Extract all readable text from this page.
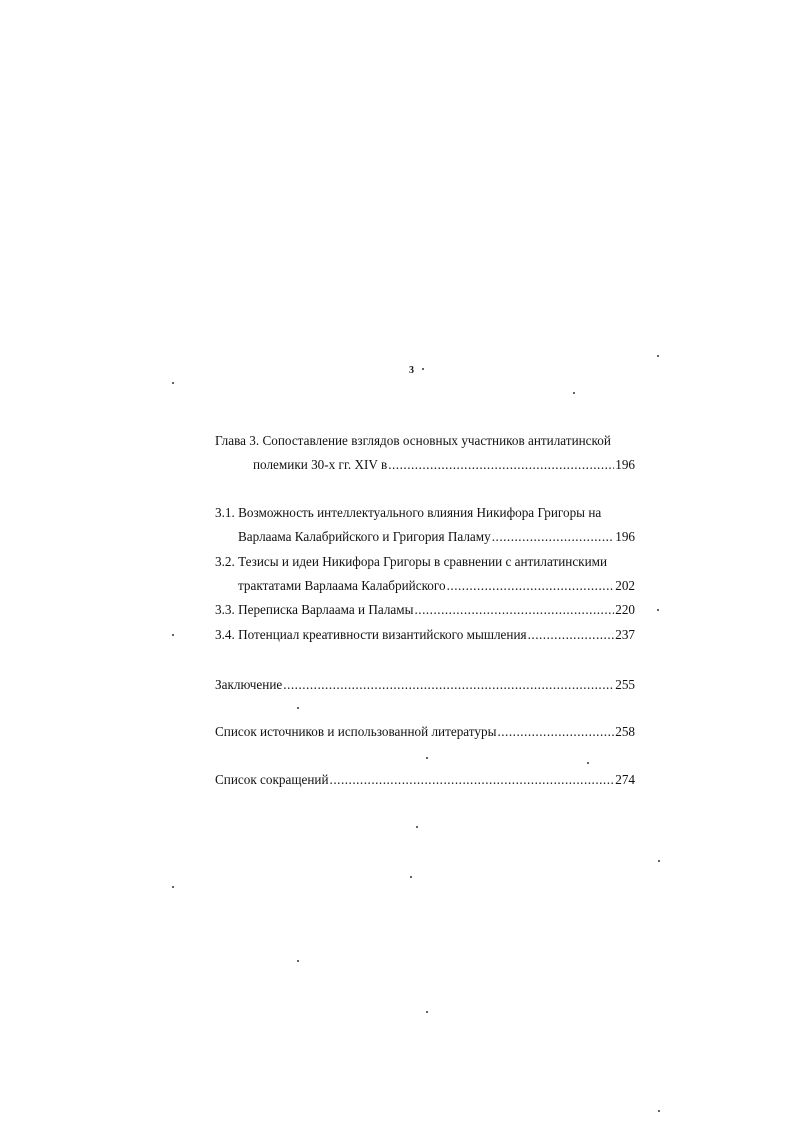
3
Глава 3. Сопоставление взглядов основных участников антилатинской
полемики 30-х гг. XIV в .....	196
3.1. Возможность интеллектуального влияния Никифора Григоры на
Варлаама Калабрийского и Григория Паламу .....	196
3.2. Тезисы и идеи Никифора Григоры в сравнении с антилатинскими
трактатами Варлаама Калабрийского .....	202
3.3. Переписка Варлаама и Паламы .....	220
3.4. Потенциал креативности византийского мышления .....	237
Заключение .....	255
Список источников и использованной литературы .....	258
Список сокращений .....	274
